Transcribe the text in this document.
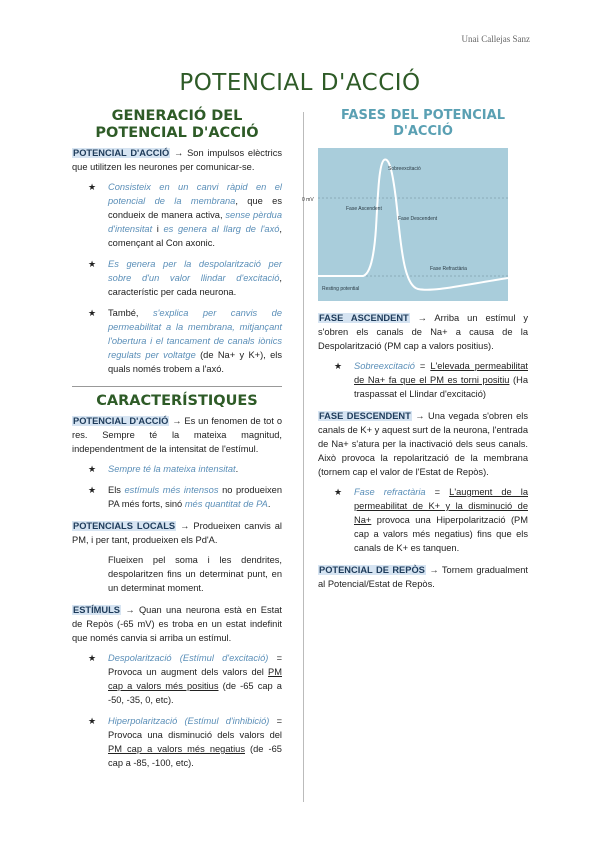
Unai Callejas Sanz
POTENCIAL D'ACCIÓ
GENERACIÓ DEL POTENCIAL D'ACCIÓ

POTENCIAL D'ACCIÓ → Son impulsos elèctrics que utilitzen les neurones per comunicar-se.

★ Consisteix en un canvi ràpid en el potencial de la membrana, que es condueix de manera activa, sense pèrdua d'intensitat i es genera al llarg de l'axó, començant al Con axonic.
★ Es genera per la despolarització per sobre d'un valor llindar d'excitació, característic per cada neurona.
★ També, s'explica per canvis de permeabilitat a la membrana, mitjançant l'obertura i el tancament de canals iònics regulats per voltatge (de Na+ y K+), els quals només trobem a l'axó.
CARACTERÍSTIQUES

POTENCIAL D'ACCIÓ → Es un fenomen de tot o res. Sempre té la mateixa magnitud, independentment de la intensitat de l'estímul.

★ Sempre té la mateixa intensitat.
★ Els estímuls més intensos no produeixen PA més forts, sinó més quantitat de PA.

POTENCIALS LOCALS → Produeixen canvis al PM, i per tant, produeixen els Pd'A.

Flueixen pel soma i les dendrites, despolaritzen fins un determinat punt, en un determinat moment.

ESTÍMULS → Quan una neurona està en Estat de Repòs (-65 mV) es troba en un estat indefinit que només canvia si arriba un estímul.

★ Despolarització (Estímul d'excitació) = Provoca un augment dels valors del PM cap a valors més positius (de -65 cap a -50, -35, 0, etc).
★ Hiperpolarització (Estímul d'inhibició) = Provoca una disminució dels valors del PM cap a valors més negatius (de -65 cap a -85, -100, etc).
FASES DEL POTENCIAL D'ACCIÓ
Sobreexcitació
Fase Ascendent
Fase Descendent
Fase Refractària
Resting potential
0 mV

FASE ASCENDENT → Arriba un estímul y s'obren els canals de Na+ a causa de la Despolarització (PM cap a valors positius).

★ Sobreexcitació = L'elevada permeabilitat de Na+ fa que el PM es torni positiu (Ha traspassat el Llindar d'excitació)

FASE DESCENDENT → Una vegada s'obren els canals de K+ y aquest surt de la neurona, l'entrada de Na+ s'atura per la inactivació dels seus canals. Això provoca la repolarització de la membrana (tornem cap el valor de l'Estat de Repòs).

★ Fase refractària = L'augment de la permeabilitat de K+ y la disminució de Na+ provoca una Hiperpolarització (PM cap a valors més negatius) fins que els canals de K+ es tanquen.

POTENCIAL DE REPÒS → Tornem gradualment al Potencial/Estat de Repòs.
